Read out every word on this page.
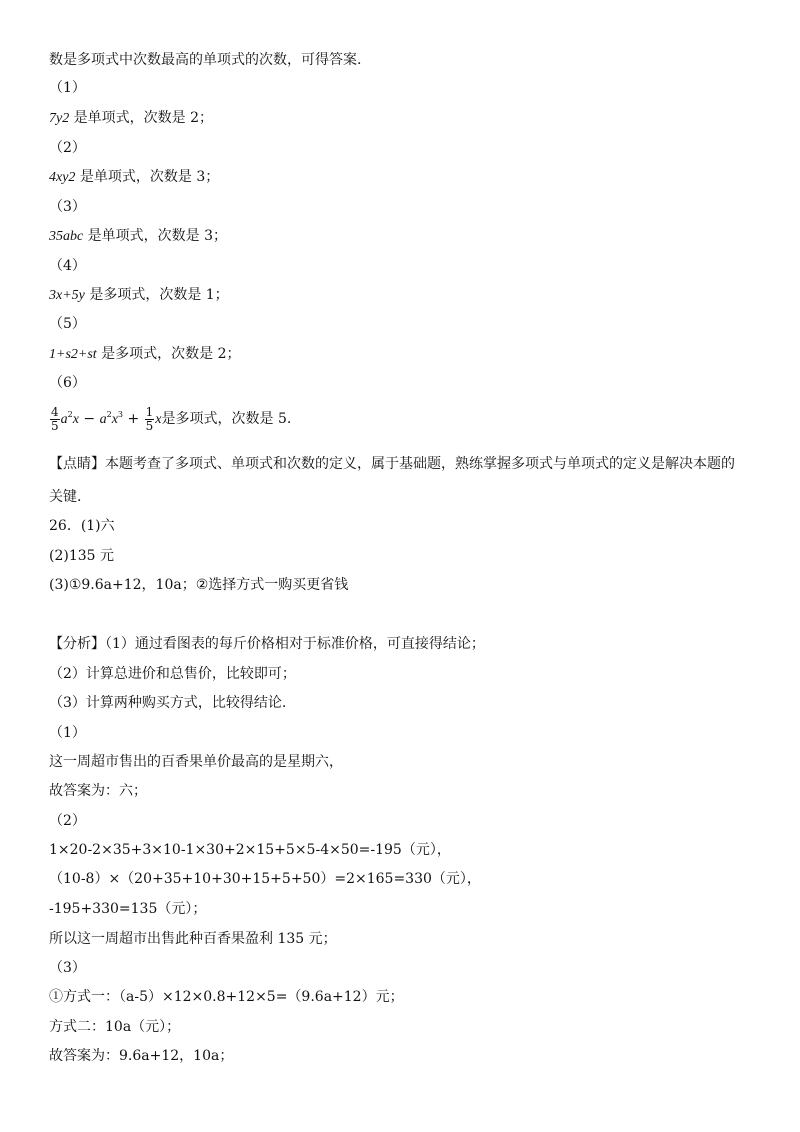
数是多项式中次数最高的单项式的次数，可得答案.
（1）
7y2 是单项式，次数是 2；
（2）
4xy2 是单项式，次数是 3；
（3）
35abc 是单项式，次数是 3；
（4）
3x+5y 是多项式，次数是 1；
（5）
1+s2+st 是多项式，次数是 2；
（6）
$\frac{4}{5} a^2x - a^2x^3 + \frac{1}{5}$ x是多项式，次数是 5.
【点睛】本题考查了多项式、单项式和次数的定义，属于基础题，熟练掌握多项式与单项式的定义是解决本题的
关键.
26．(1)六
(2)135 元
(3)①9.6a+12，10a；②选择方式一购买更省钱
【分析】（1）通过看图表的每斤价格相对于标准价格，可直接得结论；
（2）计算总进价和总售价，比较即可；
（3）计算两种购买方式，比较得结论.
（1）
这一周超市售出的百香果单价最高的是星期六，
故答案为：六；
（2）
1×20-2×35+3×10-1×30+2×15+5×5-4×50=-195（元），
（10-8）×（20+35+10+30+15+5+50）=2×165=330（元），
-195+330=135（元）；
所以这一周超市出售此种百香果盈利 135 元；
（3）
①方式一：（a-5）×12×0.8+12×5=（9.6a+12）元；
方式二：10a（元）；
故答案为：9.6a+12，10a；
